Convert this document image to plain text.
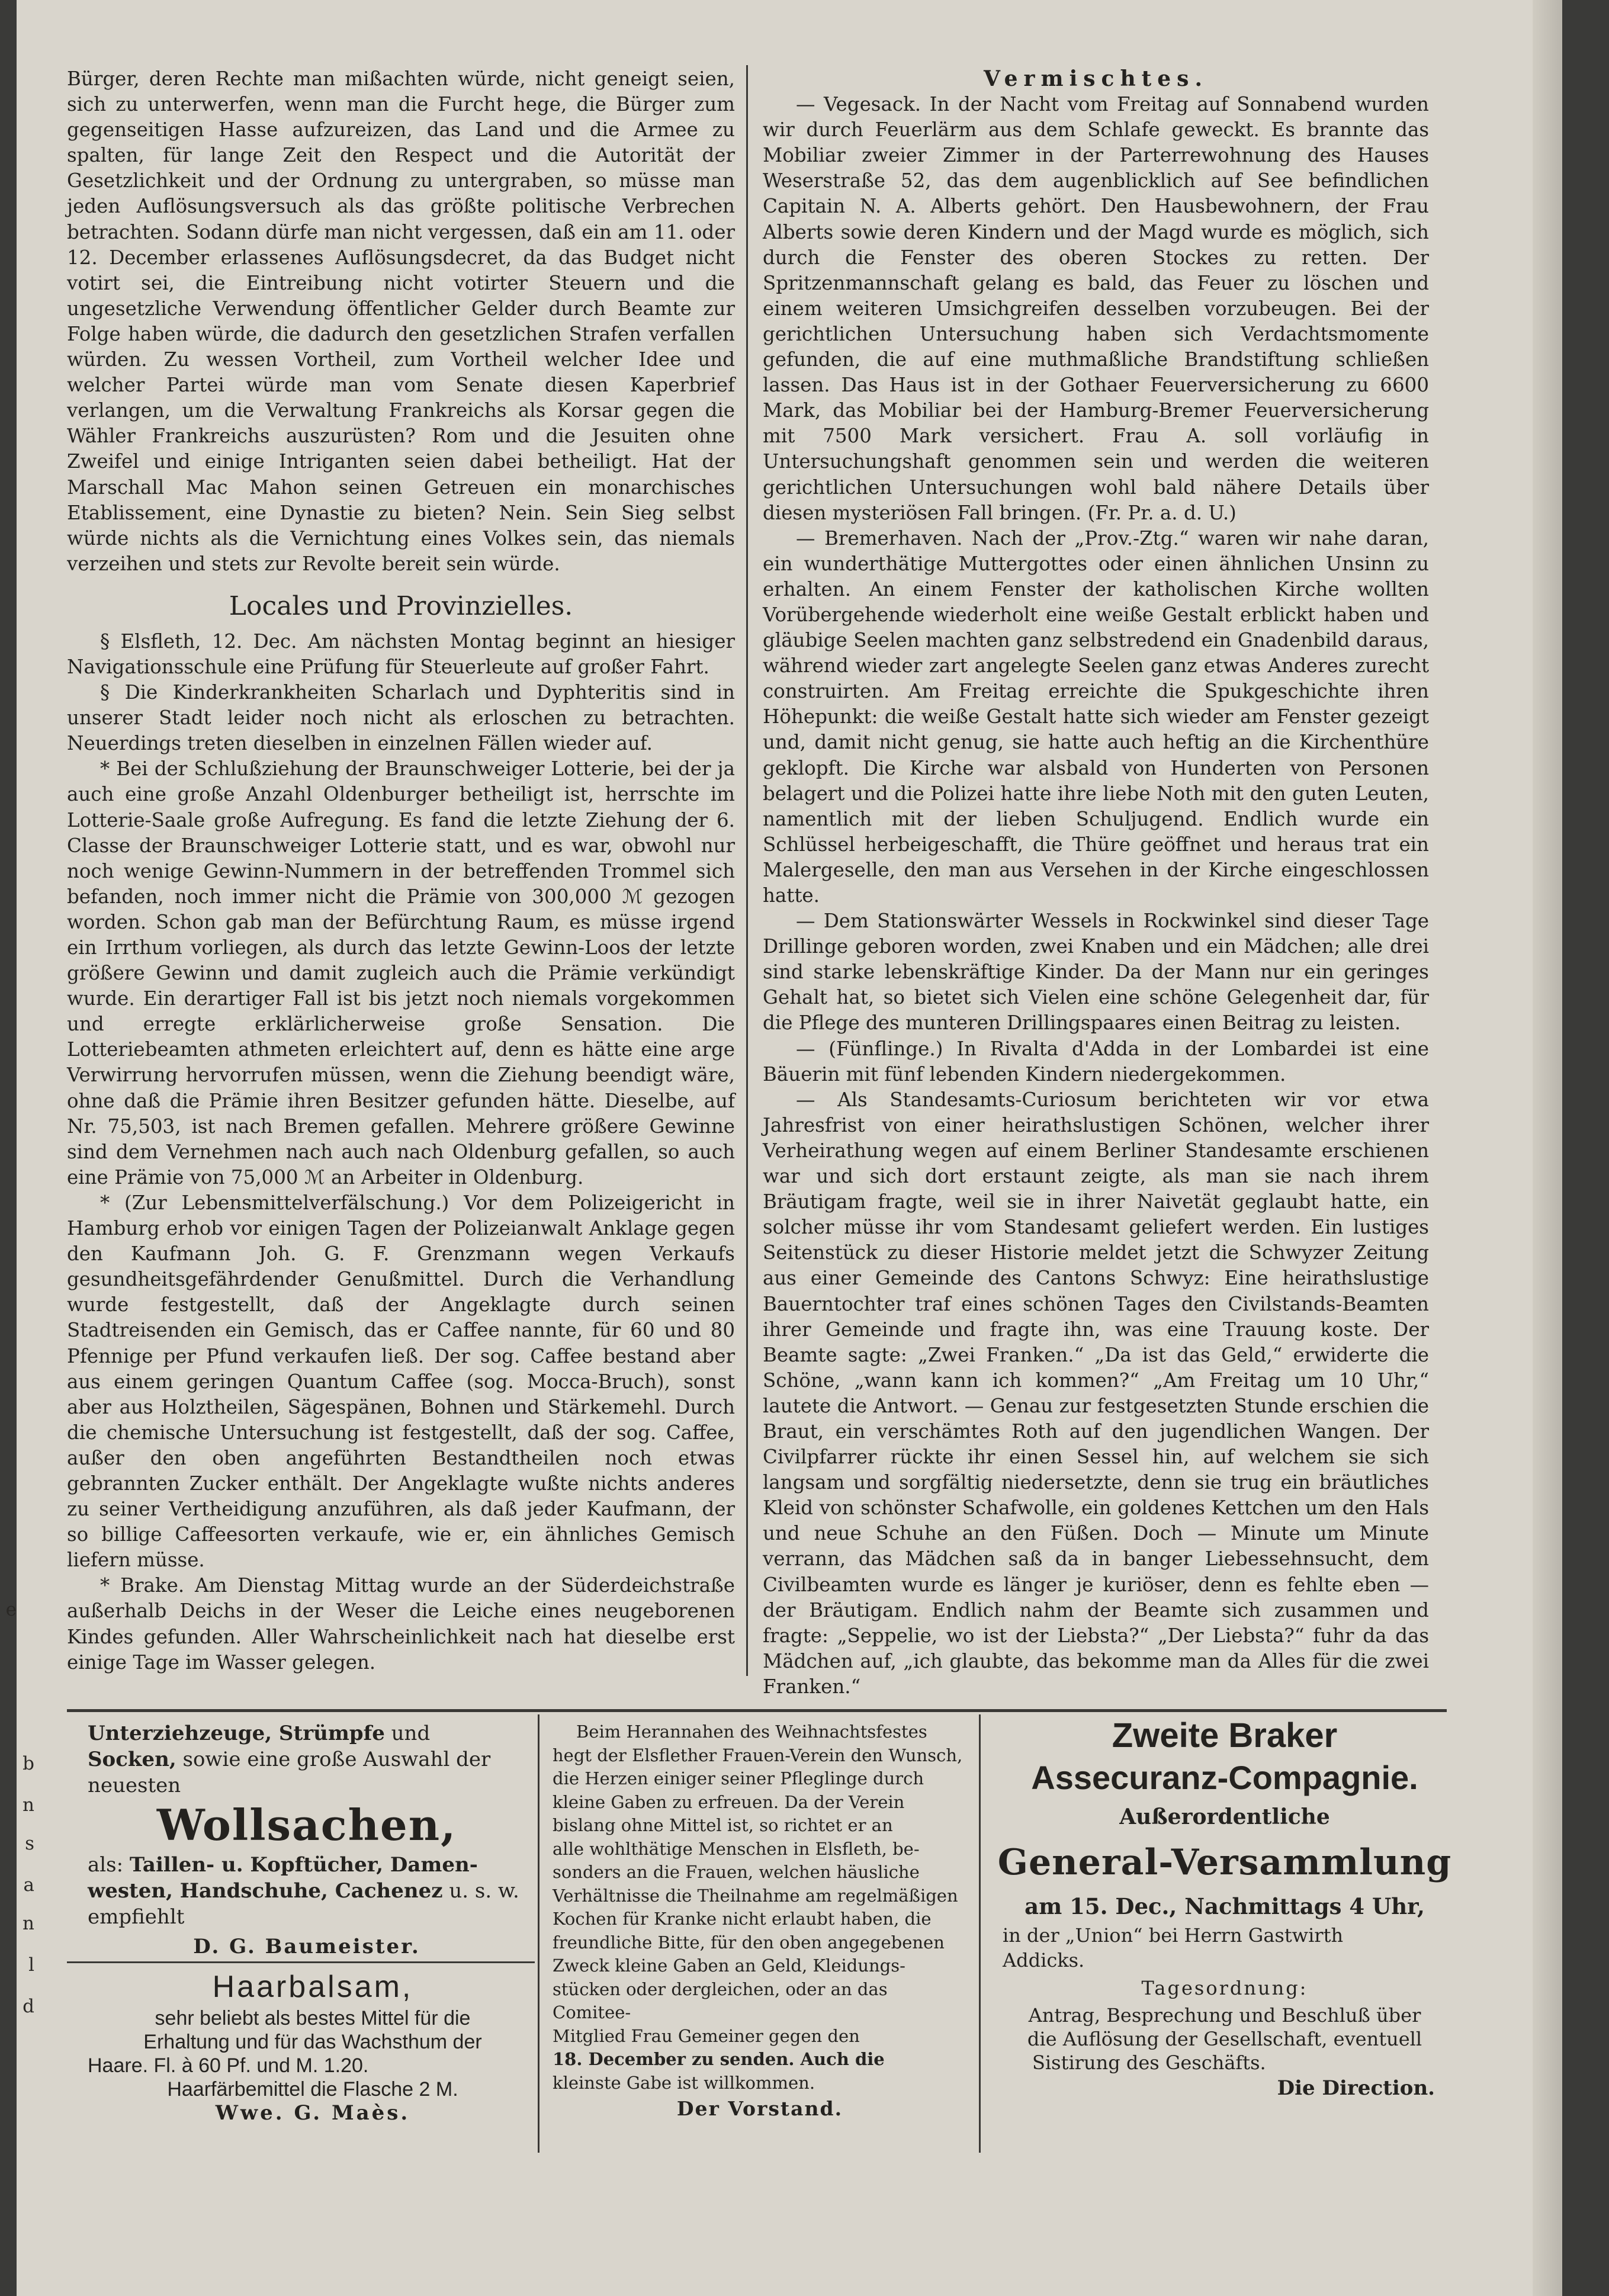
e

Bürger, deren Rechte man mißachten würde, nicht geneigt seien, sich zu unterwerfen, wenn man die Furcht hege, die Bürger zum gegenseitigen Hasse aufzureizen, das Land und die Armee zu spalten, für lange Zeit den Respect und die Autorität der Gesetzlichkeit und der Ordnung zu untergraben, so müsse man jeden Auflösungsversuch als das größte politische Verbrechen betrachten. Sodann dürfe man nicht vergessen, daß ein am 11. oder 12. December erlassenes Auflösungsdecret, da das Budget nicht votirt sei, die Eintreibung nicht votirter Steuern und die ungesetzliche Verwendung öffentlicher Gelder durch Beamte zur Folge haben würde, die dadurch den gesetzlichen Strafen verfallen würden. Zu wessen Vortheil, zum Vortheil welcher Idee und welcher Partei würde man vom Senate diesen Kaperbrief verlangen, um die Verwaltung Frankreichs als Korsar gegen die Wähler Frankreichs auszurüsten? Rom und die Jesuiten ohne Zweifel und einige Intriganten seien dabei betheiligt. Hat der Marschall Mac Mahon seinen Getreuen ein monarchisches Etablissement, eine Dynastie zu bieten? Nein. Sein Sieg selbst würde nichts als die Vernichtung eines Volkes sein, das niemals verzeihen und stets zur Revolte bereit sein würde.

Locales und Provinzielles.

§ Elsfleth, 12. Dec. Am nächsten Montag beginnt an hiesiger Navigationsschule eine Prüfung für Steuerleute auf großer Fahrt.

§ Die Kinderkrankheiten Scharlach und Dyphteritis sind in unserer Stadt leider noch nicht als erloschen zu betrachten. Neuerdings treten dieselben in einzelnen Fällen wieder auf.

* Bei der Schlußziehung der Braunschweiger Lotterie, bei der ja auch eine große Anzahl Oldenburger betheiligt ist, herrschte im Lotterie-Saale große Aufregung. Es fand die letzte Ziehung der 6. Classe der Braunschweiger Lotterie statt, und es war, obwohl nur noch wenige Gewinn-Nummern in der betreffenden Trommel sich befanden, noch immer nicht die Prämie von 300,000 ℳ gezogen worden. Schon gab man der Befürchtung Raum, es müsse irgend ein Irrthum vorliegen, als durch das letzte Gewinn-Loos der letzte größere Gewinn und damit zugleich auch die Prämie verkündigt wurde. Ein derartiger Fall ist bis jetzt noch niemals vorgekommen und erregte erklärlicherweise große Sensation. Die Lotteriebeamten athmeten erleichtert auf, denn es hätte eine arge Verwirrung hervorrufen müssen, wenn die Ziehung beendigt wäre, ohne daß die Prämie ihren Besitzer gefunden hätte. Dieselbe, auf Nr. 75,503, ist nach Bremen gefallen. Mehrere größere Gewinne sind dem Vernehmen nach auch nach Oldenburg gefallen, so auch eine Prämie von 75,000 ℳ an Arbeiter in Oldenburg.

* (Zur Lebensmittelverfälschung.) Vor dem Polizeigericht in Hamburg erhob vor einigen Tagen der Polizeianwalt Anklage gegen den Kaufmann Joh. G. F. Grenzmann wegen Verkaufs gesundheitsgefährdender Genußmittel. Durch die Verhandlung wurde festgestellt, daß der Angeklagte durch seinen Stadtreisenden ein Gemisch, das er Caffee nannte, für 60 und 80 Pfennige per Pfund verkaufen ließ. Der sog. Caffee bestand aber aus einem geringen Quantum Caffee (sog. Mocca-Bruch), sonst aber aus Holztheilen, Sägespänen, Bohnen und Stärkemehl. Durch die chemische Untersuchung ist festgestellt, daß der sog. Caffee, außer den oben angeführten Bestandtheilen noch etwas gebrannten Zucker enthält. Der Angeklagte wußte nichts anderes zu seiner Vertheidigung anzuführen, als daß jeder Kaufmann, der so billige Caffeesorten verkaufe, wie er, ein ähnliches Gemisch liefern müsse.

* Brake. Am Dienstag Mittag wurde an der Süderdeichstraße außerhalb Deichs in der Weser die Leiche eines neugeborenen Kindes gefunden. Aller Wahrscheinlichkeit nach hat dieselbe erst einige Tage im Wasser gelegen.

Vermischtes.

— Vegesack. In der Nacht vom Freitag auf Sonnabend wurden wir durch Feuerlärm aus dem Schlafe geweckt. Es brannte das Mobiliar zweier Zimmer in der Parterrewohnung des Hauses Weserstraße 52, das dem augenblicklich auf See befindlichen Capitain N. A. Alberts gehört. Den Hausbewohnern, der Frau Alberts sowie deren Kindern und der Magd wurde es möglich, sich durch die Fenster des oberen Stockes zu retten. Der Spritzenmannschaft gelang es bald, das Feuer zu löschen und einem weiteren Umsichgreifen desselben vorzubeugen. Bei der gerichtlichen Untersuchung haben sich Verdachtsmomente gefunden, die auf eine muthmaßliche Brandstiftung schließen lassen. Das Haus ist in der Gothaer Feuerversicherung zu 6600 Mark, das Mobiliar bei der Hamburg-Bremer Feuerversicherung mit 7500 Mark versichert. Frau A. soll vorläufig in Untersuchungshaft genommen sein und werden die weiteren gerichtlichen Untersuchungen wohl bald nähere Details über diesen mysteriösen Fall bringen. (Fr. Pr. a. d. U.)

— Bremerhaven. Nach der „Prov.-Ztg.“ waren wir nahe daran, ein wunderthätige Muttergottes oder einen ähnlichen Unsinn zu erhalten. An einem Fenster der katholischen Kirche wollten Vorübergehende wiederholt eine weiße Gestalt erblickt haben und gläubige Seelen machten ganz selbstredend ein Gnadenbild daraus, während wieder zart angelegte Seelen ganz etwas Anderes zurecht construirten. Am Freitag erreichte die Spukgeschichte ihren Höhepunkt: die weiße Gestalt hatte sich wieder am Fenster gezeigt und, damit nicht genug, sie hatte auch heftig an die Kirchenthüre geklopft. Die Kirche war alsbald von Hunderten von Personen belagert und die Polizei hatte ihre liebe Noth mit den guten Leuten, namentlich mit der lieben Schuljugend. Endlich wurde ein Schlüssel herbeigeschafft, die Thüre geöffnet und heraus trat ein Malergeselle, den man aus Versehen in der Kirche eingeschlossen hatte.

— Dem Stationswärter Wessels in Rockwinkel sind dieser Tage Drillinge geboren worden, zwei Knaben und ein Mädchen; alle drei sind starke lebenskräftige Kinder. Da der Mann nur ein geringes Gehalt hat, so bietet sich Vielen eine schöne Gelegenheit dar, für die Pflege des munteren Drillingspaares einen Beitrag zu leisten.

— (Fünflinge.) In Rivalta d'Adda in der Lombardei ist eine Bäuerin mit fünf lebenden Kindern niedergekommen.

— Als Standesamts-Curiosum berichteten wir vor etwa Jahresfrist von einer heirathslustigen Schönen, welcher ihrer Verheirathung wegen auf einem Berliner Standesamte erschienen war und sich dort erstaunt zeigte, als man sie nach ihrem Bräutigam fragte, weil sie in ihrer Naivetät geglaubt hatte, ein solcher müsse ihr vom Standesamt geliefert werden. Ein lustiges Seitenstück zu dieser Historie meldet jetzt die Schwyzer Zeitung aus einer Gemeinde des Cantons Schwyz: Eine heirathslustige Bauerntochter traf eines schönen Tages den Civilstands-Beamten ihrer Gemeinde und fragte ihn, was eine Trauung koste. Der Beamte sagte: „Zwei Franken.“ „Da ist das Geld,“ erwiderte die Schöne, „wann kann ich kommen?“ „Am Freitag um 10 Uhr,“ lautete die Antwort. — Genau zur festgesetzten Stunde erschien die Braut, ein verschämtes Roth auf den jugendlichen Wangen. Der Civilpfarrer rückte ihr einen Sessel hin, auf welchem sie sich langsam und sorgfältig niedersetzte, denn sie trug ein bräutliches Kleid von schönster Schafwolle, ein goldenes Kettchen um den Hals und neue Schuhe an den Füßen. Doch — Minute um Minute verrann, das Mädchen saß da in banger Liebessehnsucht, dem Civilbeamten wurde es länger je kuriöser, denn es fehlte eben — der Bräutigam. Endlich nahm der Beamte sich zusammen und fragte: „Seppelie, wo ist der Liebsta?“ „Der Liebsta?“ fuhr da das Mädchen auf, „ich glaubte, das bekomme man da Alles für die zwei Franken.“

Unterziehzeuge, Strümpfe und
Socken, sowie eine große Auswahl der
neuesten
Wollsachen,
als: Taillen- u. Kopftücher, Damen-
westen, Handschuhe, Cachenez u. s. w.
empfiehlt
D. G. Baumeister.
Haarbalsam,
sehr beliebt als bestes Mittel für die
Erhaltung und für das Wachsthum der
Haare. Fl. à 60 Pf. und M. 1.20.
Haarfärbemittel die Flasche 2 M.
Wwe. G. Maès.
Beim Herannahen des Weihnachtsfestes
hegt der Elsflether Frauen-Verein den Wunsch,
die Herzen einiger seiner Pfleglinge durch
kleine Gaben zu erfreuen. Da der Verein
bislang ohne Mittel ist, so richtet er an
alle wohlthätige Menschen in Elsfleth, be-
sonders an die Frauen, welchen häusliche
Verhältnisse die Theilnahme am regelmäßigen
Kochen für Kranke nicht erlaubt haben, die
freundliche Bitte, für den oben angegebenen
Zweck kleine Gaben an Geld, Kleidungs-
stücken oder dergleichen, oder an das Comitee-
Mitglied Frau Gemeiner gegen den
18. December zu senden. Auch die
kleinste Gabe ist willkommen.
Der Vorstand.
Zweite Braker
Assecuranz-Compagnie.
Außerordentliche
General-Versammlung
am 15. Dec., Nachmittags 4 Uhr,
in der „Union“ bei Herrn Gastwirth
Addicks.
Tagesordnung:
Antrag, Besprechung und Beschluß über
die Auflösung der Gesellschaft, eventuell
Sistirung des Geschäfts.
Die Direction.
b
n
s
a
n
l
d
